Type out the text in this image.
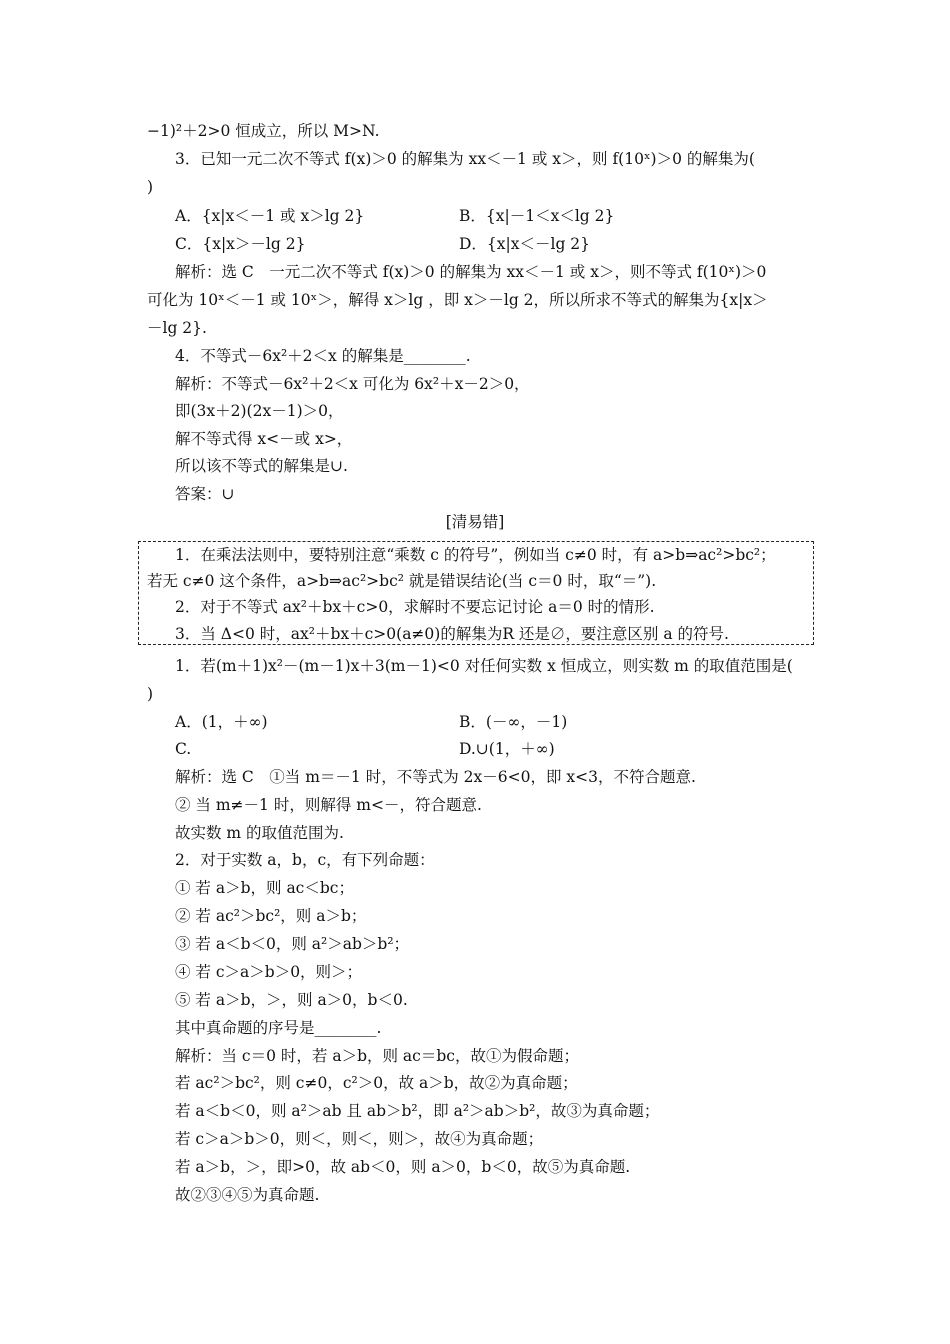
−1)²＋2>0 恒成立，所以 M>N.
3．已知一元二次不等式 f(x)＞0 的解集为 xx＜－1 或 x＞，则 f(10ˣ)＞0 的解集为(
)
A．{x|x＜－1 或 x＞lg 2}	B．{x|－1＜x＜lg 2}
C．{x|x＞－lg 2}	D．{x|x＜－lg 2}
解析：选 C　一元二次不等式 f(x)＞0 的解集为 xx＜－1 或 x＞，则不等式 f(10ˣ)＞0
可化为 10ˣ＜－1 或 10ˣ＞，解得 x＞lg ，即 x＞－lg 2，所以所求不等式的解集为{x|x＞
－lg 2}.
4．不等式－6x²＋2＜x 的解集是________.
解析：不等式－6x²＋2＜x 可化为 6x²＋x－2＞0，
即(3x＋2)(2x－1)＞0，
解不等式得 x<－或 x>，
所以该不等式的解集是∪.
答案：∪
[清易错]
1．在乘法法则中，要特别注意“乘数 c 的符号”，例如当 c≠0 时，有 a>b⇒ac²>bc²；
若无 c≠0 这个条件，a>b⇒ac²>bc² 就是错误结论(当 c＝0 时，取“＝”).
2．对于不等式 ax²＋bx＋c>0，求解时不要忘记讨论 a＝0 时的情形.
3．当 Δ<0 时，ax²＋bx＋c>0(a≠0)的解集为R 还是∅，要注意区别 a 的符号.
1．若(m＋1)x²－(m－1)x＋3(m－1)<0 对任何实数 x 恒成立，则实数 m 的取值范围是(
)
A．(1，＋∞)	B．(－∞，－1)
C.	D.∪(1，＋∞)
解析：选 C　①当 m＝－1 时，不等式为 2x－6<0，即 x<3，不符合题意.
② 当 m≠－1 时，则解得 m<－，符合题意.
故实数 m 的取值范围为.
2．对于实数 a，b，c，有下列命题：
① 若 a＞b，则 ac＜bc；
② 若 ac²＞bc²，则 a＞b；
③ 若 a＜b＜0，则 a²＞ab＞b²；
④ 若 c＞a＞b＞0，则＞；
⑤ 若 a＞b，＞，则 a＞0，b＜0.
其中真命题的序号是________.
解析：当 c＝0 时，若 a＞b，则 ac＝bc，故①为假命题；
若 ac²＞bc²，则 c≠0，c²＞0，故 a＞b，故②为真命题；
若 a＜b＜0，则 a²＞ab 且 ab＞b²，即 a²＞ab＞b²，故③为真命题；
若 c＞a＞b＞0，则＜，则＜，则＞，故④为真命题；
若 a＞b，＞，即>0，故 ab＜0，则 a＞0，b＜0，故⑤为真命题.
故②③④⑤为真命题.
